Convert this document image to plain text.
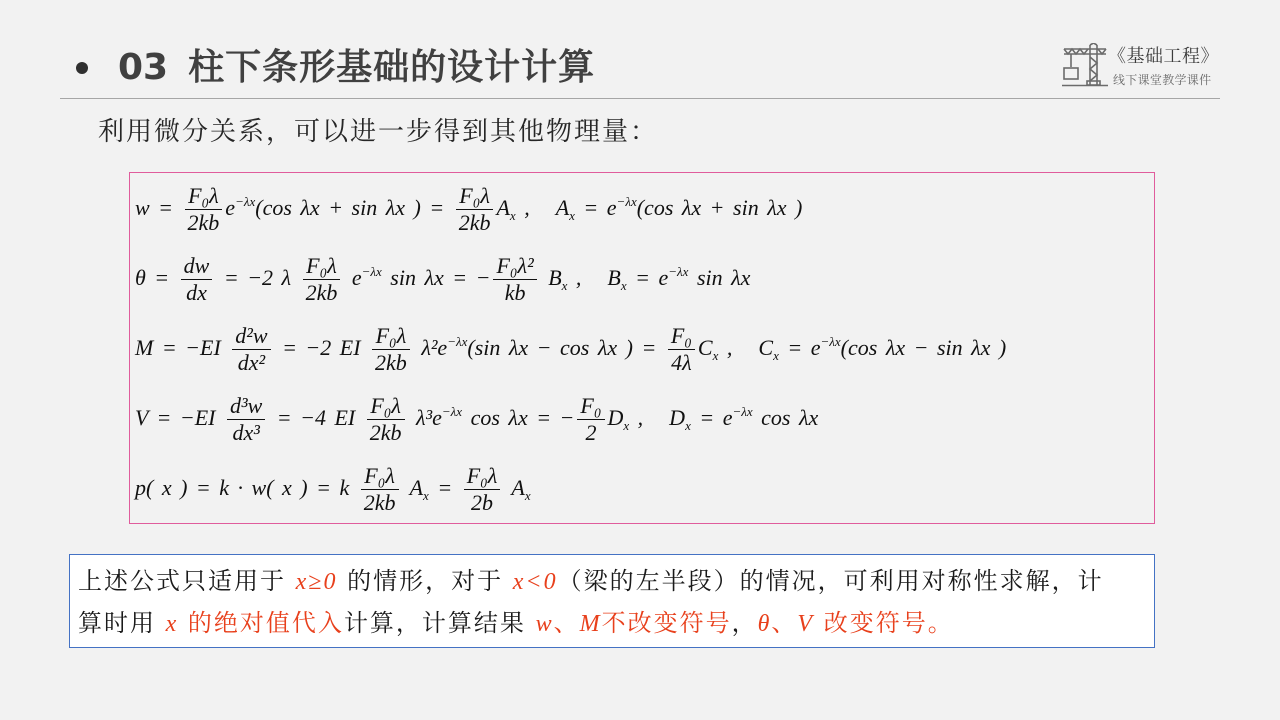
03 柱下条形基础的设计计算	《基础工程》
线下课堂教学课件
利用微分关系，可以进一步得到其他物理量：
$w = \frac{\text{F₀λ}}{2kb} e^{-\lambda x}(\cos$ λx + sin λx ) = $\frac{\text{F₀λ}}{2kb} A_x$ , $A_x = e^{-\lambda x}(\cos$ λx + sin λx )
$\theta = \frac{dw}{dx} = -2$ λ $\frac{\text{F₀λ}}{2kb} e^{-\lambda x}$ sin λx = − $\frac{\text{F₀λ²}}{kb} B_x$ , $B_x = e^{-\lambda x}$ sin λx
$M = -EI \frac{\text{d²w}}{\text{dx²}} = -2$ EI $\frac{\text{F₀λ}}{2kb} \lambda^2e^{-\lambda x}(\sin$ λx − cos λx ) = $\frac{\text{F₀}}{4\lambda} C_x$ , $C_x = e^{-\lambda x}(\cos$ λx − sin λx )
$V = -EI \frac{\text{d³w}}{\text{dx³}} = -4$ EI $\frac{\text{F₀λ}}{2kb} \lambda^3e^{-\lambda x}$ cos λx = − $\frac{\text{F₀}}{2} D_x$ , $D_x = e^{-\lambda x}$ cos λx
p( x ) = k · w( x ) = k $\frac{\text{F₀λ}}{2kb} A_x = \frac{\text{F₀λ}}{2b} A_x$
上述公式只适用于 x≥0 的情形，对于 x<0（梁的左半段）的情况，可利用对称性求解，计
算时用 x 的绝对值代入计算，计算结果 w、M不改变符号，θ、V 改变符号。
